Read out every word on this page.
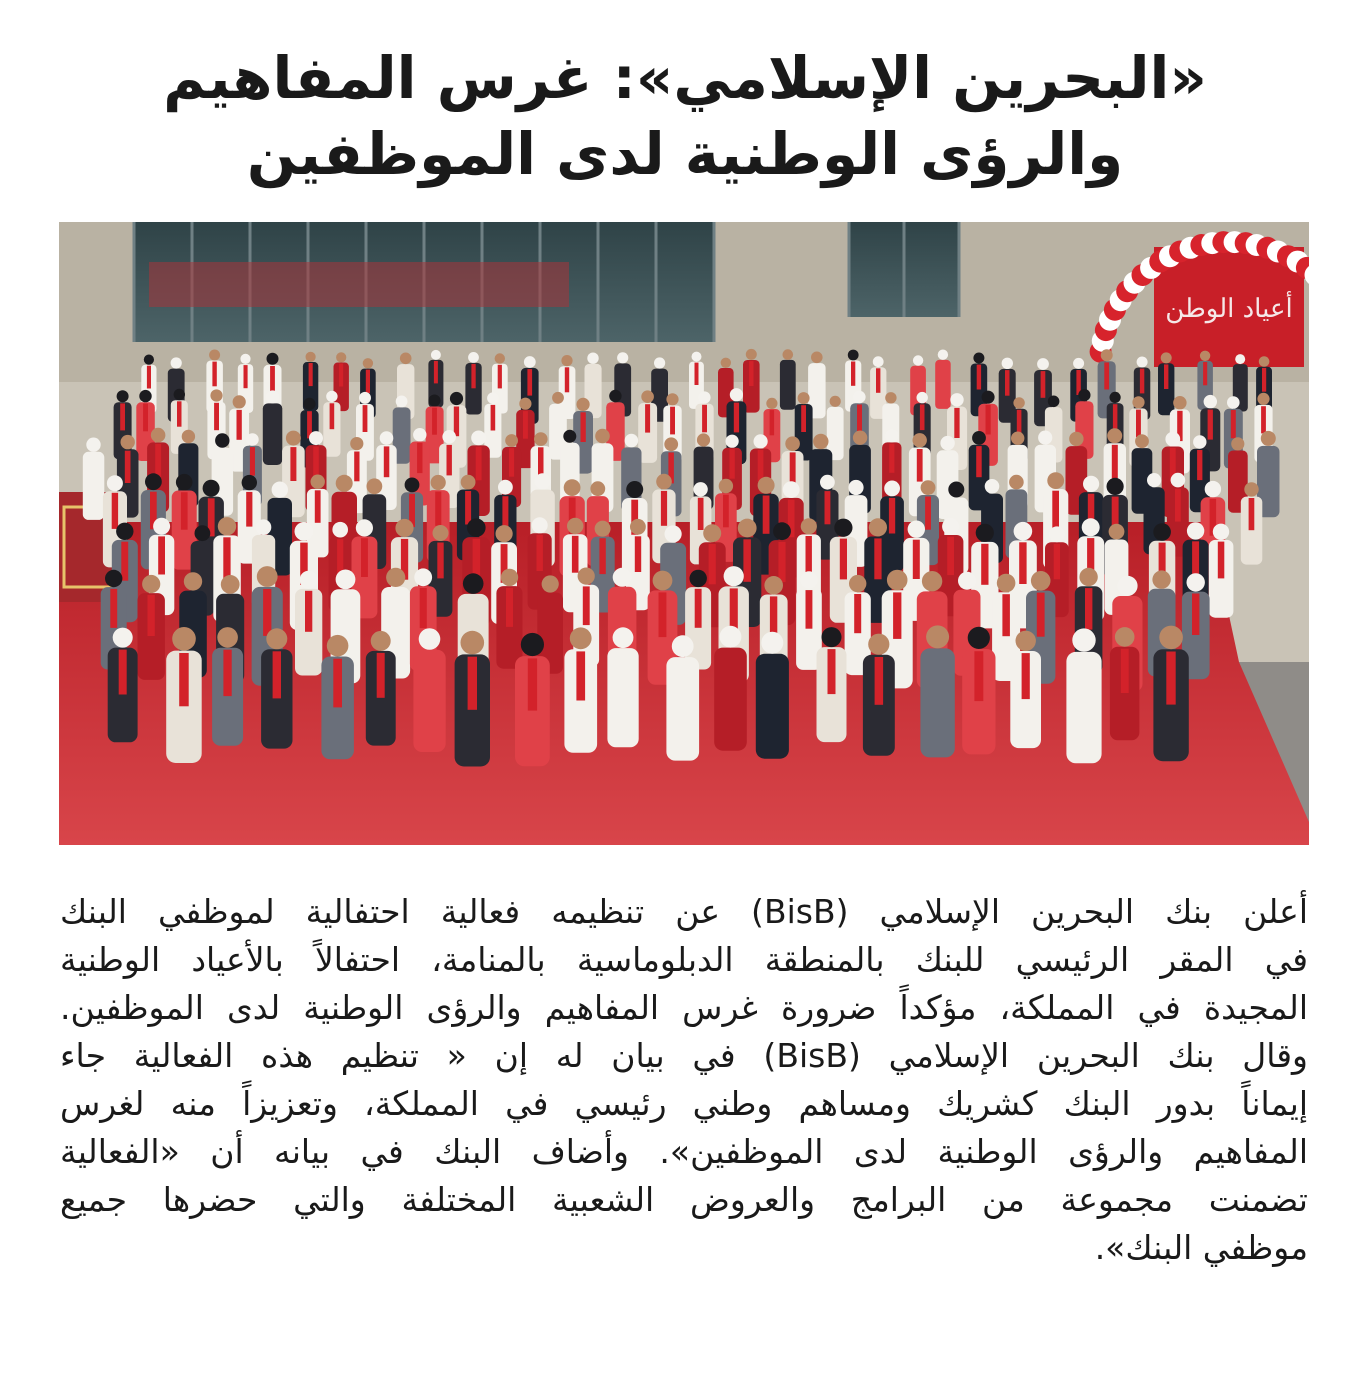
«البحرين الإسلامي»: غرس المفاهيم
والرؤى الوطنية لدى الموظفين
أعياد الوطن
أعلن بنك البحرين الإسلامي (BisB) عن تنظيمه فعالية احتفالية لموظفي البنك
في المقر الرئيسي للبنك بالمنطقة الدبلوماسية بالمنامة، احتفالاً بالأعياد الوطنية
المجيدة في المملكة، مؤكداً ضرورة غرس المفاهيم والرؤى الوطنية لدى الموظفين.
وقال بنك البحرين الإسلامي (BisB) في بيان له إن « تنظيم هذه الفعالية جاء
إيماناً بدور البنك كشريك ومساهم وطني رئيسي في المملكة، وتعزيزاً منه لغرس
المفاهيم والرؤى الوطنية لدى الموظفين». وأضاف البنك في بيانه أن «الفعالية
تضمنت مجموعة من البرامج والعروض الشعبية المختلفة والتي حضرها جميع
موظفي البنك».
